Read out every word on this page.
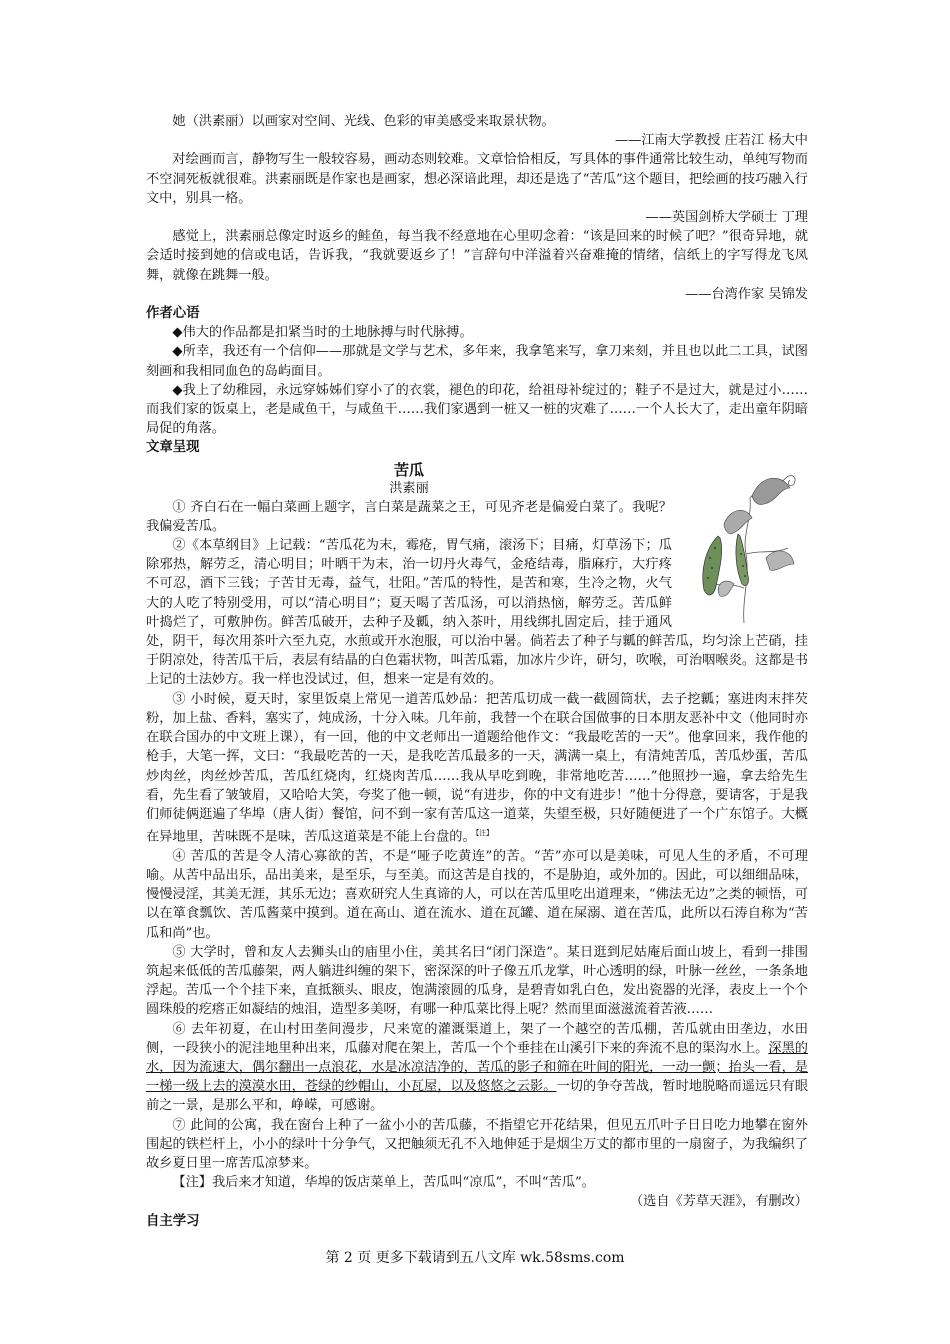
她（洪素丽）以画家对空间、光线、色彩的审美感受来取景状物。

——江南大学教授 庄若江 杨大中

对绘画而言，静物写生一般较容易，画动态则较难。文章恰恰相反，写具体的事件通常比较生动，单纯写物而不空洞死板就很难。洪素丽既是作家也是画家，想必深谙此理，却还是选了“苦瓜”这个题目，把绘画的技巧融入行文中，别具一格。

——英国剑桥大学硕士 丁理

感觉上，洪素丽总像定时返乡的鲑鱼，每当我不经意地在心里叨念着：“该是回来的时候了吧？”很奇异地，就会适时接到她的信或电话，告诉我，“我就要返乡了！”言辞句中洋溢着兴奋难掩的情绪，信纸上的字写得龙飞凤舞，就像在跳舞一般。

——台湾作家 吴锦发

作者心语

◆伟大的作品都是扣紧当时的土地脉搏与时代脉搏。

◆所幸，我还有一个信仰——那就是文学与艺术，多年来，我拿笔来写，拿刀来刻，并且也以此二工具，试图刻画和我相同血色的岛屿面目。

◆我上了幼稚园，永远穿姊姊们穿小了的衣裳，褪色的印花，给祖母补绽过的；鞋子不是过大，就是过小……而我们家的饭桌上，老是咸鱼干，与咸鱼干……我们家遇到一桩又一桩的灾难了……一个人长大了，走出童年阴暗局促的角落。

文章呈现

苦瓜

洪素丽

① 齐白石在一幅白菜画上题字，言白菜是蔬菜之王，可见齐老是偏爱白菜了。我呢？我偏爱苦瓜。

②《本草纲目》上记载：“苦瓜花为末，霉疮，胃气痛，滚汤下；目痛，灯草汤下；瓜除邪热，解劳乏，清心明目；叶晒干为末，治一切丹火毒气，金疮结毒，脂麻疔，大疔疼不可忍，酒下三钱；子苦甘无毒，益气，壮阳。”苦瓜的特性，是苦和寒，生冷之物，火气大的人吃了特别受用，可以“清心明目”；夏天喝了苦瓜汤，可以消热恼，解劳乏。苦瓜鲜叶捣烂了，可敷肿伤。鲜苦瓜破开，去种子及瓤，纳入茶叶，用线绑扎固定后，挂于通风处，阴干，每次用茶叶六至九克，水煎或开水泡服，可以治中暑。倘若去了种子与瓤的鲜苦瓜，均匀涂上芒硝，挂于阴凉处，待苦瓜干后，表层有结晶的白色霜状物，叫苦瓜霜，加冰片少许，研匀，吹喉，可治咽喉炎。这都是书上记的土法妙方。我一样也没试过，但，想来一定是有效的。

③ 小时候，夏天时，家里饭桌上常见一道苦瓜妙品：把苦瓜切成一截一截圆筒状，去子挖瓤；塞进肉末拌芡粉，加上盐、香料，塞实了，炖成汤，十分入味。几年前，我替一个在联合国做事的日本朋友恶补中文（他同时亦在联合国办的中文班上课），有一回，他的中文老师出一道题给他作文：“我最吃苦的一天”。他拿回来，我作他的枪手，大笔一挥，文曰：“我最吃苦的一天，是我吃苦瓜最多的一天，满满一桌上，有清炖苦瓜，苦瓜炒蛋，苦瓜炒肉丝，肉丝炒苦瓜，苦瓜红烧肉，红烧肉苦瓜……我从早吃到晚，非常地吃苦……”他照抄一遍，拿去给先生看，先生看了皱皱眉，又哈哈大笑，夸奖了他一顿，说“有进步，你的中文有进步！”他十分得意，要请客，于是我们师徒俩逛遍了华埠（唐人街）餐馆，问不到一家有苦瓜这一道菜，失望至极，只好随便进了一个广东馆子。大概在异地里，苦味既不是味，苦瓜这道菜是不能上台盘的。$^{【注】}$

④ 苦瓜的苦是令人清心寡欲的苦，不是“哑子吃黄连”的苦。“苦”亦可以是美味，可见人生的矛盾，不可理喻。从苦中品出乐，品出美来，是至乐，与至美。而这苦是自找的，不是胁迫，或外加的。因此，可以细细品味，慢慢浸淫，其美无涯，其乐无边；喜欢研究人生真谛的人，可以在苦瓜里吃出道理来，“佛法无边”之类的顿悟，可以在箪食瓢饮、苦瓜酱菜中摸到。道在高山、道在流水、道在瓦罐、道在屎溺、道在苦瓜，此所以石涛自称为“苦瓜和尚”也。

⑤ 大学时，曾和友人去狮头山的庙里小住，美其名曰“闭门深造”。某日逛到尼姑庵后面山坡上，看到一排围筑起来低低的苦瓜藤架，两人躺进纠缠的架下，密深深的叶子像五爪龙掌，叶心透明的绿，叶脉一丝丝，一条条地浮起。苦瓜一个个挂下来，直抵额头、眼皮，饱满滚圆的瓜身，是碧青如乳白色，发出瓷器的光泽，表皮上一个个圆珠般的疙瘩正如凝结的烛泪，造型多美呀，有哪一种瓜菜比得上呢？然而里面滋滋流着苦液……

⑥ 去年初夏，在山村田垄间漫步，尺来宽的灌溉渠道上，架了一个越空的苦瓜棚，苦瓜就由田垄边，水田侧，一段狭小的泥洼地里种出来，瓜藤对爬在架上，苦瓜一个个垂挂在山溪引下来的奔流不息的渠沟水上。深黑的水，因为流速大，偶尔翻出一点浪花，水是冰凉洁净的，苦瓜的影子和筛在叶间的阳光，一动一颤；抬头一看，是一梯一级上去的漠漠水田，苍绿的纱帽山，小瓦屋，以及悠悠之云影。一切的争夺苦战，暂时地脱略而遥远只有眼前之一景，是那么平和，峥嵘，可感谢。

⑦ 此间的公寓，我在窗台上种了一盆小小的苦瓜藤，不指望它开花结果，但见五爪叶子日日吃力地攀在窗外围起的铁栏杆上，小小的绿叶十分争气，又把触须无孔不入地伸延于是烟尘万丈的都市里的一扇窗子，为我编织了故乡夏日里一席苦瓜凉梦来。

【注】我后来才知道，华埠的饭店菜单上，苦瓜叫“凉瓜”，不叫“苦瓜”。

（选自《芳草天涯》，有删改）

自主学习

第 2 页 更多下载请到五八文库 wk.58sms.com
